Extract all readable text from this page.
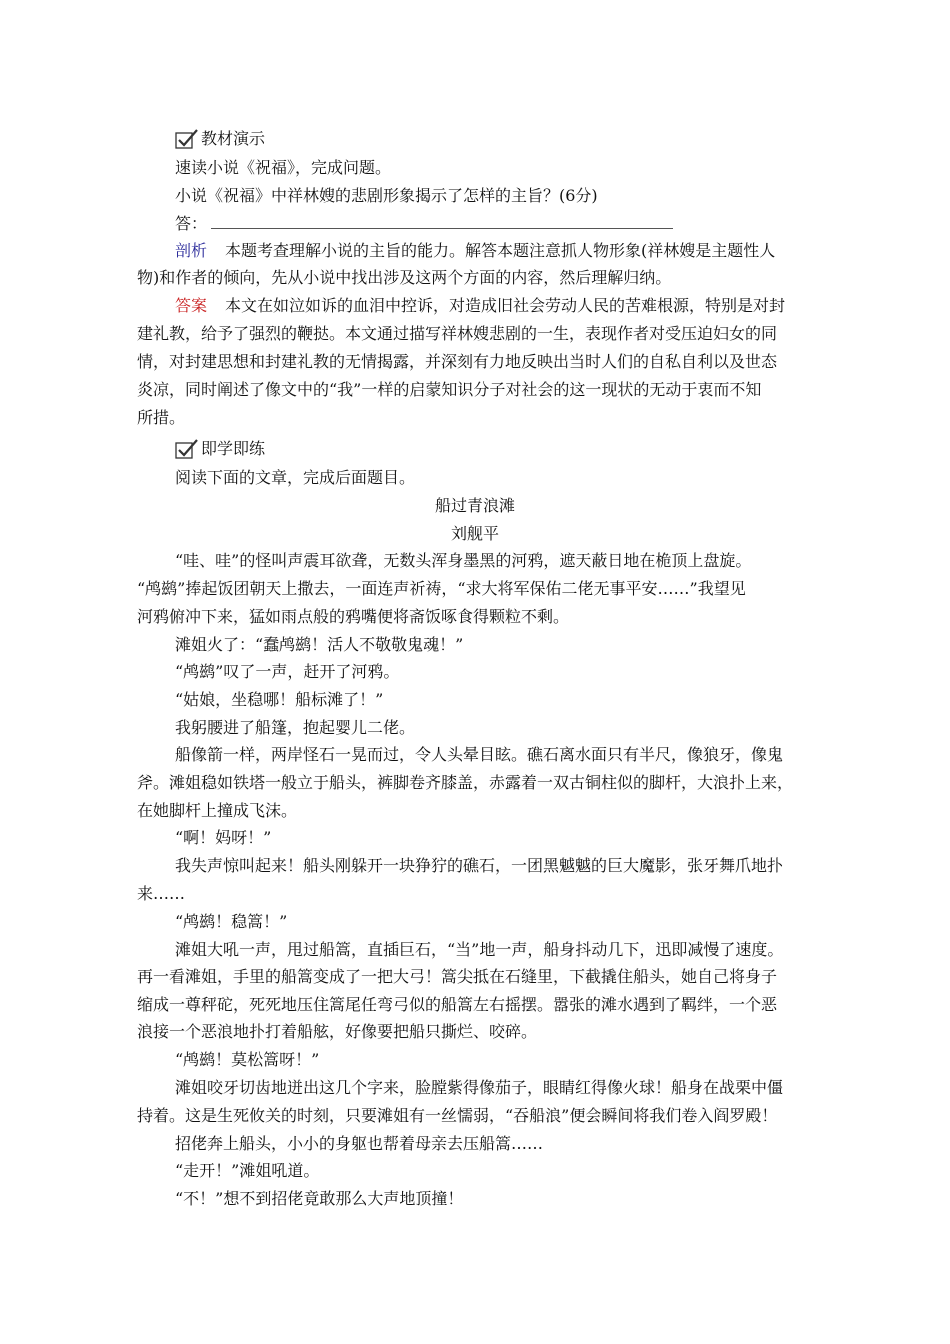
教材演示
速读小说《祝福》，完成问题。
小说《祝福》中祥林嫂的悲剧形象揭示了怎样的主旨？(6分)
答：
剖析 本题考查理解小说的主旨的能力。解答本题注意抓人物形象(祥林嫂是主题性人
物)和作者的倾向，先从小说中找出涉及这两个方面的内容，然后理解归纳。
答案 本文在如泣如诉的血泪中控诉，对造成旧社会劳动人民的苦难根源，特别是对封
建礼教，给予了强烈的鞭挞。本文通过描写祥林嫂悲剧的一生，表现作者对受压迫妇女的同
情，对封建思想和封建礼教的无情揭露，并深刻有力地反映出当时人们的自私自利以及世态
炎凉，同时阐述了像文中的“我”一样的启蒙知识分子对社会的这一现状的无动于衷而不知
所措。
即学即练
阅读下面的文章，完成后面题目。
船过青浪滩
刘舰平
“哇、哇”的怪叫声震耳欲聋，无数头浑身墨黑的河鸦，遮天蔽日地在桅顶上盘旋。
“鸬鹚”捧起饭团朝天上撒去，一面连声祈祷，“求大将军保佑二佬无事平安……”我望见
河鸦俯冲下来，猛如雨点般的鸦嘴便将斋饭啄食得颗粒不剩。
滩姐火了：“蠢鸬鹚！活人不敬敬鬼魂！”
“鸬鹚”叹了一声，赶开了河鸦。
“姑娘，坐稳哪！船标滩了！”
我躬腰进了船篷，抱起婴儿二佬。
船像箭一样，两岸怪石一晃而过，令人头晕目眩。礁石离水面只有半尺，像狼牙，像鬼
斧。滩姐稳如铁塔一般立于船头，裤脚卷齐膝盖，赤露着一双古铜柱似的脚杆，大浪扑上来，
在她脚杆上撞成飞沫。
“啊！妈呀！”
我失声惊叫起来！船头刚躲开一块狰狞的礁石，一团黑魆魆的巨大魔影，张牙舞爪地扑
来……
“鸬鹚！稳篙！”
滩姐大吼一声，甩过船篙，直插巨石，“当”地一声，船身抖动几下，迅即减慢了速度。
再一看滩姐，手里的船篙变成了一把大弓！篙尖抵在石缝里，下截撬住船头，她自己将身子
缩成一尊秤砣，死死地压住篙尾任弯弓似的船篙左右摇摆。嚣张的滩水遇到了羁绊，一个恶
浪接一个恶浪地扑打着船舷，好像要把船只撕烂、咬碎。
“鸬鹚！莫松篙呀！”
滩姐咬牙切齿地迸出这几个字来，脸膛紫得像茄子，眼睛红得像火球！船身在战栗中僵
持着。这是生死攸关的时刻，只要滩姐有一丝懦弱，“吞船浪”便会瞬间将我们卷入阎罗殿！
招佬奔上船头，小小的身躯也帮着母亲去压船篙……
“走开！”滩姐吼道。
“不！”想不到招佬竟敢那么大声地顶撞！
